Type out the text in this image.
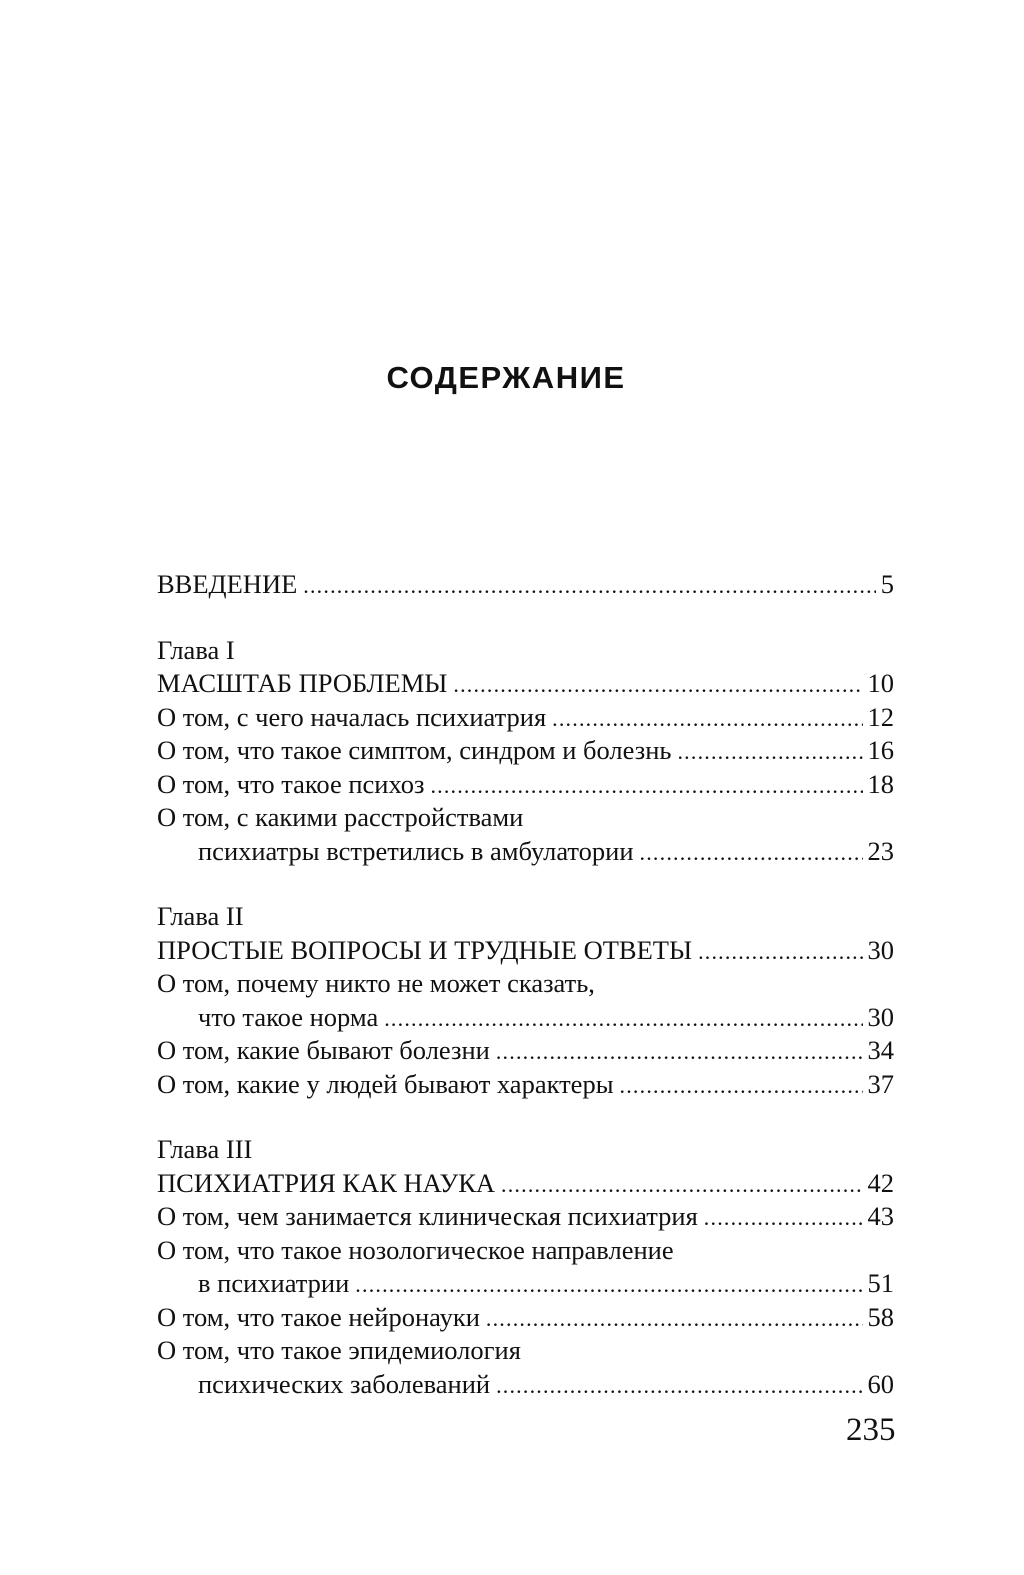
СОДЕРЖАНИЕ
ВВЕДЕНИЕ .....	5
Глава I
МАСШТАБ ПРОБЛЕМЫ .....	10
О том, с чего началась психиатрия .....	12
О том, что такое симптом, синдром и болезнь .....	16
О том, что такое психоз .....	18
О том, с какими расстройствами
психиатры встретились в амбулатории .....	23
Глава II
ПРОСТЫЕ ВОПРОСЫ И ТРУДНЫЕ ОТВЕТЫ .....	30
О том, почему никто не может сказать,
что такое норма .....	30
О том, какие бывают болезни .....	34
О том, какие у людей бывают характеры .....	37
Глава III
ПСИХИАТРИЯ КАК НАУКА .....	42
О том, чем занимается клиническая психиатрия .....	43
О том, что такое нозологическое направление
в психиатрии .....	51
О том, что такое нейронауки .....	58
О том, что такое эпидемиология
психических заболеваний .....	60
235
